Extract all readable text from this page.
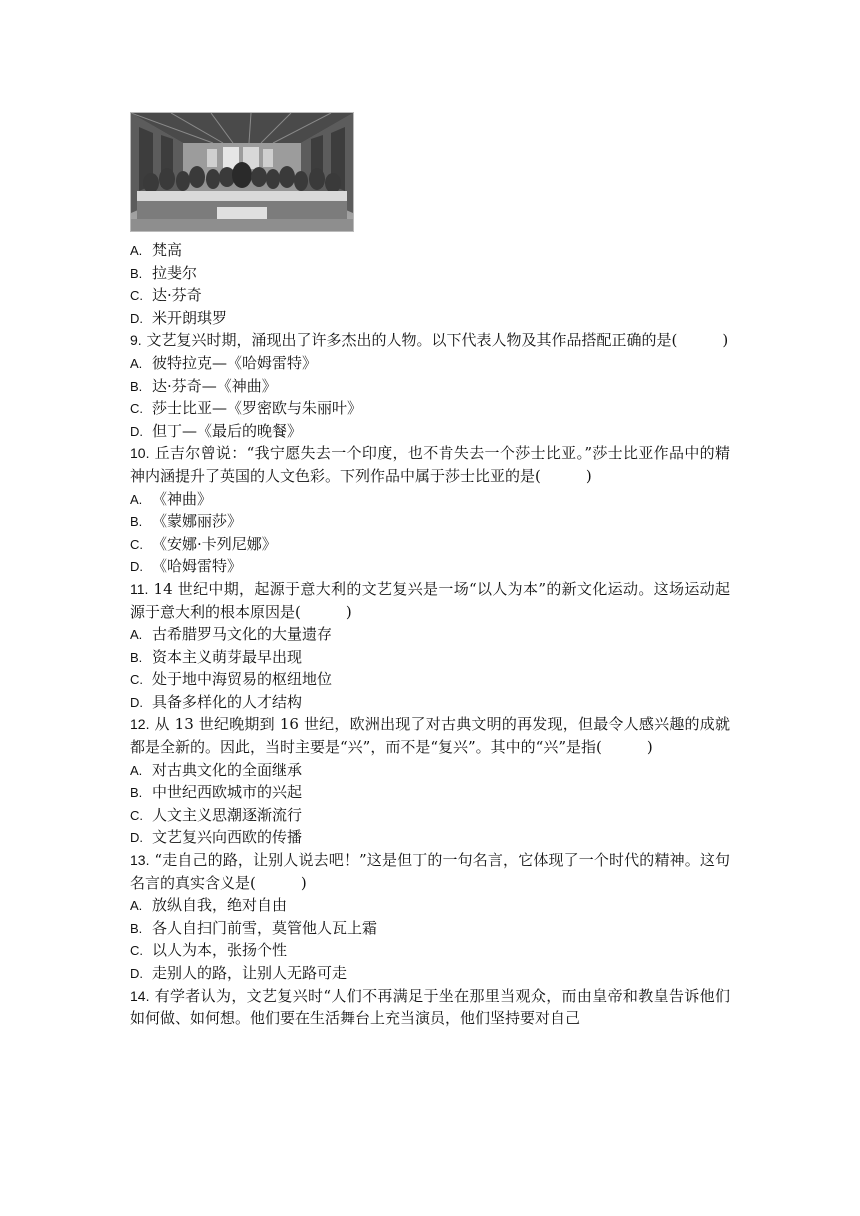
A. 梵高
B. 拉斐尔
C. 达·芬奇
D. 米开朗琪罗
9. 文艺复兴时期，涌现出了许多杰出的人物。以下代表人物及其作品搭配正确的是(　　　)
A. 彼特拉克—《哈姆雷特》
B. 达·芬奇—《神曲》
C. 莎士比亚—《罗密欧与朱丽叶》
D. 但丁—《最后的晚餐》
10. 丘吉尔曾说：“我宁愿失去一个印度，也不肯失去一个莎士比亚。”莎士比亚作品中的精神内涵提升了英国的人文色彩。下列作品中属于莎士比亚的是(　　　)
A. 《神曲》
B. 《蒙娜丽莎》
C. 《安娜·卡列尼娜》
D. 《哈姆雷特》
11. 14 世纪中期，起源于意大利的文艺复兴是一场“以人为本”的新文化运动。这场运动起源于意大利的根本原因是(　　　)
A. 古希腊罗马文化的大量遗存
B. 资本主义萌芽最早出现
C. 处于地中海贸易的枢纽地位
D. 具备多样化的人才结构
12. 从 13 世纪晚期到 16 世纪，欧洲出现了对古典文明的再发现，但最令人感兴趣的成就都是全新的。因此，当时主要是“兴”，而不是“复兴”。其中的“兴”是指(　　　)
A. 对古典文化的全面继承
B. 中世纪西欧城市的兴起
C. 人文主义思潮逐渐流行
D. 文艺复兴向西欧的传播
13. “走自己的路，让别人说去吧！”这是但丁的一句名言，它体现了一个时代的精神。这句名言的真实含义是(　　　)
A. 放纵自我，绝对自由
B. 各人自扫门前雪，莫管他人瓦上霜
C. 以人为本，张扬个性
D. 走别人的路，让别人无路可走
14. 有学者认为，文艺复兴时“人们不再满足于坐在那里当观众，而由皇帝和教皇告诉他们如何做、如何想。他们要在生活舞台上充当演员，他们坚持要对自己
